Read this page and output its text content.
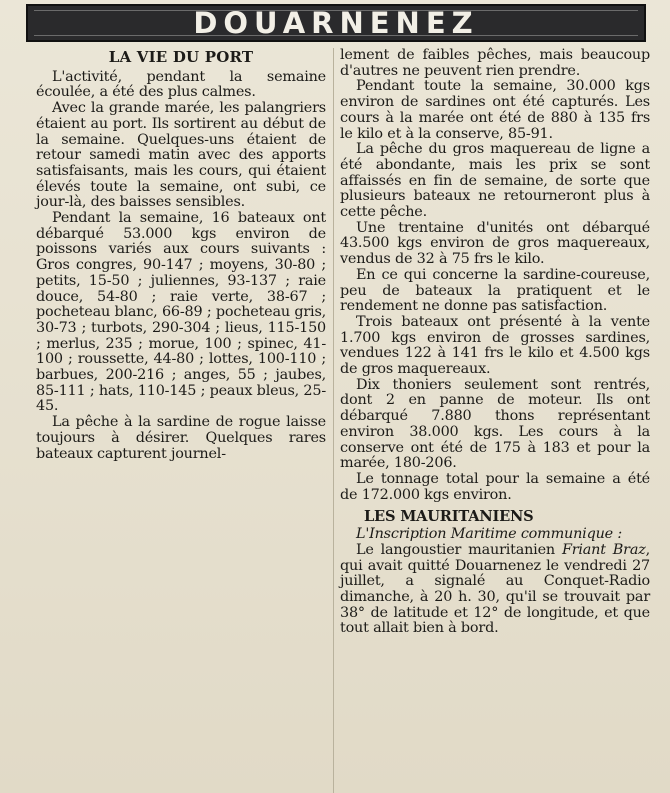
DOUARNENEZ
LA VIE DU PORT

L'activité, pendant la semaine écoulée, a été des plus calmes.

Avec la grande marée, les palangriers étaient au port. Ils sortirent au début de la semaine. Quelques-uns étaient de retour samedi matin avec des apports satisfaisants, mais les cours, qui étaient élevés toute la semaine, ont subi, ce jour-là, des baisses sensibles.

Pendant la semaine, 16 bateaux ont débarqué 53.000 kgs environ de poissons variés aux cours suivants : Gros congres, 90-147 ; moyens, 30-80 ; petits, 15-50 ; juliennes, 93-137 ; raie douce, 54-80 ; raie verte, 38-67 ; pocheteau blanc, 66-89 ; pocheteau gris, 30-73 ; turbots, 290-304 ; lieus, 115-150 ; merlus, 235 ; morue, 100 ; spinec, 41-100 ; roussette, 44-80 ; lottes, 100-110 ; barbues, 200-216 ; anges, 55 ; jaubes, 85-111 ; hats, 110-145 ; peaux bleus, 25-45.

La pêche à la sardine de rogue laisse toujours à désirer. Quelques rares bateaux capturent journel-

lement de faibles pêches, mais beaucoup d'autres ne peuvent rien prendre.

Pendant toute la semaine, 30.000 kgs environ de sardines ont été capturés. Les cours à la marée ont été de 880 à 135 frs le kilo et à la conserve, 85-91.

La pêche du gros maquereau de ligne a été abondante, mais les prix se sont affaissés en fin de semaine, de sorte que plusieurs bateaux ne retourneront plus à cette pêche.

Une trentaine d'unités ont débarqué 43.500 kgs environ de gros maquereaux, vendus de 32 à 75 frs le kilo.

En ce qui concerne la sardine-coureuse, peu de bateaux la pratiquent et le rendement ne donne pas satisfaction.

Trois bateaux ont présenté à la vente 1.700 kgs environ de grosses sardines, vendues 122 à 141 frs le kilo et 4.500 kgs de gros maquereaux.

Dix thoniers seulement sont rentrés, dont 2 en panne de moteur. Ils ont débarqué 7.880 thons représentant environ 38.000 kgs. Les cours à la conserve ont été de 175 à 183 et pour la marée, 180-206.

Le tonnage total pour la semaine a été de 172.000 kgs environ.

LES MAURITANIENS

L'Inscription Maritime communique :

Le langoustier mauritanien Friant Braz, qui avait quitté Douarnenez le vendredi 27 juillet, a signalé au Conquet-Radio dimanche, à 20 h. 30, qu'il se trouvait par 38° de latitude et 12° de longitude, et que tout allait bien à bord.
